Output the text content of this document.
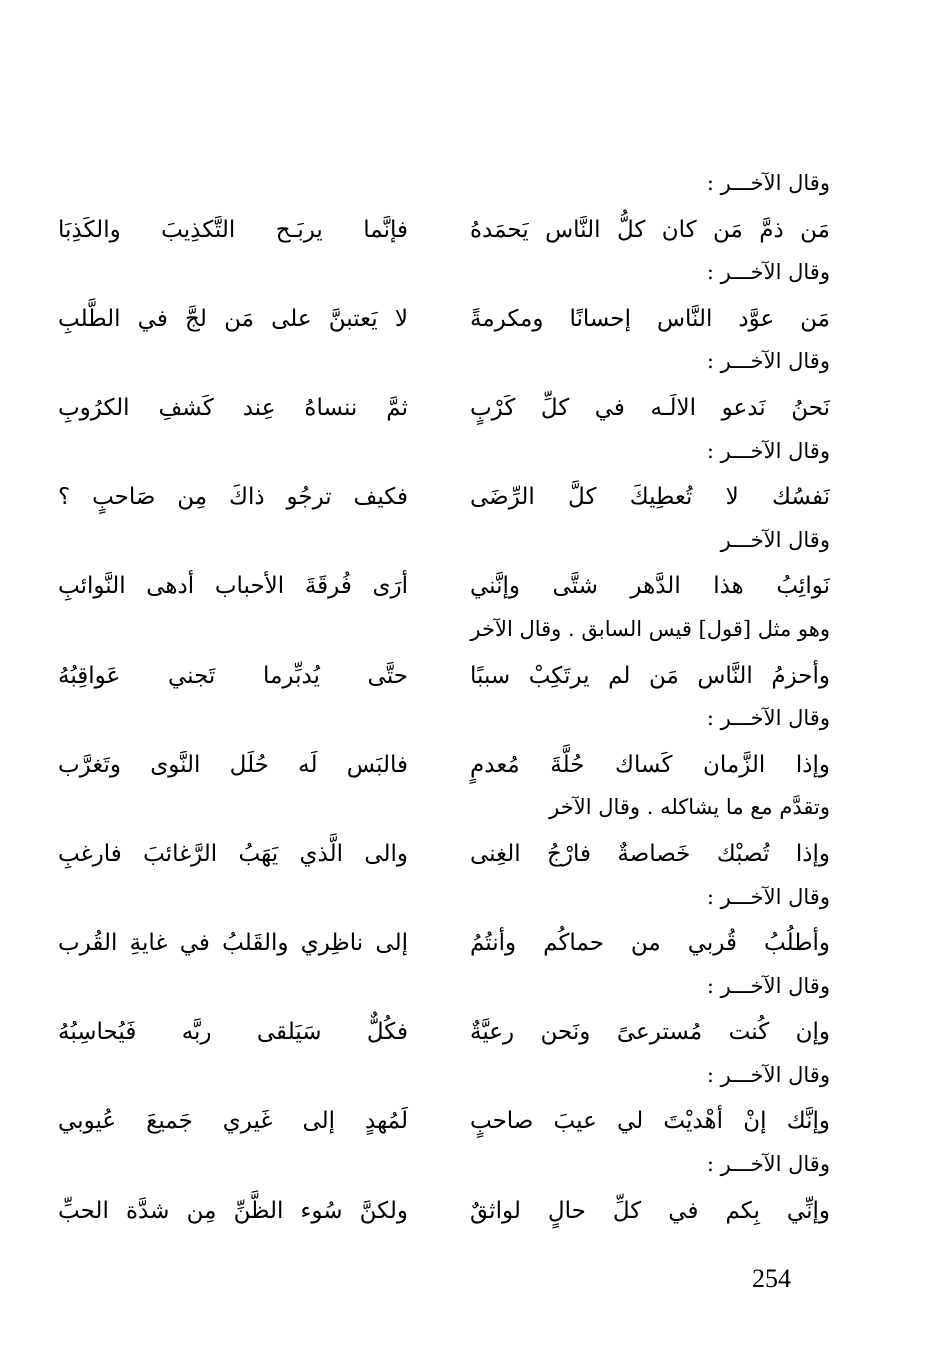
وقال الآخـــر :
مَن ذمَّ مَن كان كلُّ النَّاس يَحمَدهُ
فإنَّما يربَـح التَّكذِيبَ والكَذِبَا
وقال الآخـــر :
مَن عوَّد النَّاس إحسانًا ومكرمةً
لا يَعتبنَّ على مَن لجَّ في الطَّلبِ
وقال الآخـــر :
نَحنُ نَدعو الالَـه في كلِّ كَرْبٍ
ثمَّ ننساهُ عِند كَشفِ الكرُوبِ
وقال الآخـــر :
نَفسُك لا تُعطِيكَ كلَّ الرِّضَى
فكيف ترجُو ذاكَ مِن صَاحبٍ ؟
وقال الآخـــر
نَوائِبُ هذا الدَّهر شتَّى وإنَّني
أرَى فُرقَةَ الأحباب أدهى النَّوائبِ
وهو مثل [قول] قيس السابق . وقال الآخر
وأحزمُ النَّاس مَن لم يرتَكِبْ سببًا
حتَّى يُدبِّرما تَجني عَواقِبُهُ
وقال الآخـــر :
وإذا الزَّمان كَساك حُلَّةَ مُعدمٍ
فالبَس لَه حُلَل النَّوى وتَغرَّب
وتقدَّم مع ما يشاكله . وقال الآخر
وإذا تُصبْك خَصاصةٌ فارْجُ الغِنى
والى الَّذي يَهَبُ الرَّغائبَ فارغبِ
وقال الآخـــر :
وأطلُبُ قُربي من حماكُم وأنتُمُ
إلى ناظِري والقَلبُ في غايةِ القُرب
وقال الآخـــر :
وإن كُنت مُسترعىً ونَحن رعيَّةٌ
فكُلٌّ سَيَلقى ربَّه فَيُحاسِبُهُ
وقال الآخـــر :
وإنَّك إنْ أهْديْتَ لي عيبَ صاحبٍ
لَمُهدٍ إلى غَيري جَميعَ عُيوبي
وقال الآخـــر :
وإنِّي بِكم في كلِّ حالٍ لواثقٌ
ولكنَّ سُوء الظَّنِّ مِن شدَّة الحبِّ
254
